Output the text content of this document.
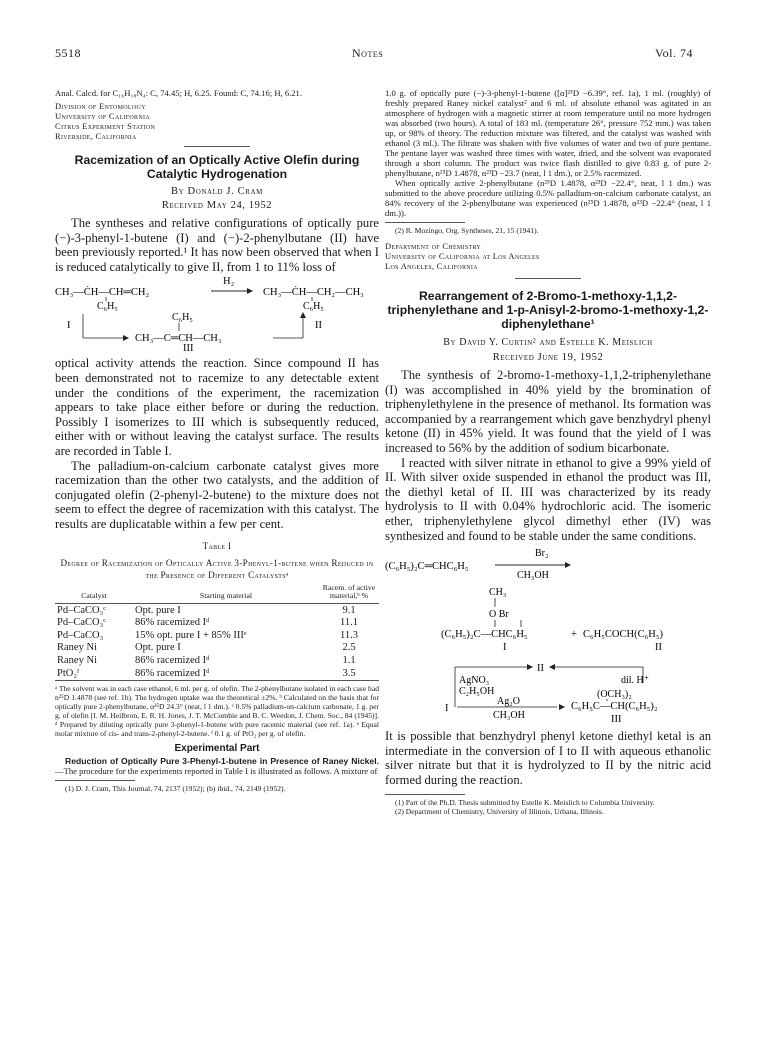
5518	Notes	Vol. 74

Anal. Calcd. for C₁₆H₁₈N₄: C, 74.45; H, 6.25. Found: C, 74.16; H, 6.21.

Division of Entomology
University of California
Citrus Experiment Station
Riverside, California
Racemization of an Optically Active Olefin during Catalytic Hydrogenation
By Donald J. Cram
Received May 24, 1952

The syntheses and relative configurations of optically pure (−)-3-phenyl-1-butene (I) and (−)-2-phenylbutane (II) have been previously reported.¹ It has now been observed that when I is reduced catalytically to give II, from 1 to 11% loss of

H₂
CH₃—ĊH—CH═CH₂
C₆H₅
CH₃—ĊH—CH₂—CH₃
C₆H₅
I
C₆H₅
CH₃—C═CH—CH₃
II
III

optical activity attends the reaction. Since compound II has been demonstrated not to racemize to any detectable extent under the conditions of the experiment, the racemization appears to take place either before or during the reduction. Possibly I isomerizes to III which is subsequently reduced, either with or without leaving the catalyst surface. The results are recorded in Table I.

The palladium-on-calcium carbonate catalyst gives more racemization than the other two catalysts, and the addition of conjugated olefin (2-phenyl-2-butene) to the mixture does not seem to effect the degree of racemization with this catalyst. The results are duplicatable within a few per cent.

Table I
Degree of Racemization of Optically Active 3-Phenyl-1-butene when Reduced in the Presence of Different Catalystsᵃ
Catalyst	Starting material	Racem. of active material,ᵇ %

Pd–CaCO₃ᶜ	Opt. pure I	9.1
Pd–CaCO₃ᶜ	86% racemized Iᵈ	11.1
Pd–CaCO₃	15% opt. pure I + 85% IIIᵉ	11.3
Raney Ni	Opt. pure I	2.5
Raney Ni	86% racemized Iᵈ	1.1
PtO₂ᶠ	86% racemized Iᵈ	3.5

ᵃ The solvent was in each case ethanol, 6 ml. per g. of olefin. The 2-phenylbutane isolated in each case had n²⁵D 1.4878 (see ref. 1b). The hydrogen uptake was the theoretical ±2%. ᵇ Calculated on the basis that for optically pure 2-phenylbutane, α²⁵D 24.3° (neat, l 1 dm.). ᶜ 0.5% palladium-on-calcium carbonate, 1 g. per g. of olefin [I. M. Heilbron, E. R. H. Jones, J. T. McCombie and B. C. Weedon, J. Chem. Soc., 84 (1945)]. ᵈ Prepared by diluting optically pure 3-phenyl-1-butene with pure racemic material (see ref. 1a). ᵉ Equal molar mixture of cis- and trans-2-phenyl-2-butene. ᶠ 0.1 g. of PtO₂ per g. of olefin.

Experimental Part

Reduction of Optically Pure 3-Phenyl-1-butene in Presence of Raney Nickel.—The procedure for the experiments reported in Table I is illustrated as follows. A mixture of

(1) D. J. Cram, This Journal, 74, 2137 (1952); (b) ibid., 74, 2149 (1952).

1.0 g. of optically pure (−)-3-phenyl-1-butene ([α]²⁵D −6.39°, ref. 1a), 1 ml. (roughly) of freshly prepared Raney nickel catalyst² and 6 ml. of absolute ethanol was agitated in an atmosphere of hydrogen with a magnetic stirrer at room temperature until no more hydrogen was absorbed (two hours). A total of 183 ml. (temperature 26°, pressure 752 mm.) was taken up, or 98% of theory. The reduction mixture was filtered, and the catalyst was washed with ethanol (3 ml.). The filtrate was shaken with five volumes of water and two of pure pentane. The pentane layer was washed three times with water, dried, and the solvent was evaporated through a short column. The product was twice flash distilled to give 0.83 g. of pure 2-phenylbutane, n²⁵D 1.4878, α²³D −23.7 (neat, l 1 dm.), or 2.5% racemized.

When optically active 2-phenylbutane (n²⁵D 1.4878, α²³D −22.4°, neat, l 1 dm.) was submitted to the above procedure utilizing 0.5% palladium-on-calcium carbonate catalyst, an 84% recovery of the 2-phenylbutane was experienced (n²⁵D 1.4878, α²³D −22.4° (neat, l 1 dm.)).

(2) R. Mozingo, Org. Syntheses, 21, 15 (1941).

Department of Chemistry
University of California at Los Angeles
Los Angeles, California
Rearrangement of 2-Bromo-1-methoxy-1,1,2-triphenylethane and 1-p-Anisyl-2-bromo-1-methoxy-1,2-diphenylethane¹
By David Y. Curtin² and Estelle K. Meislich
Received June 19, 1952

The synthesis of 2-bromo-1-methoxy-1,1,2-triphenylethane (I) was accomplished in 40% yield by the bromination of triphenylethylene in the presence of methanol. Its formation was accompanied by a rearrangement which gave benzhydryl phenyl ketone (II) in 45% yield. It was found that the yield of I was increased to 56% by the addition of sodium bicarbonate.

I reacted with silver nitrate in ethanol to give a 99% yield of II. With silver oxide suspended in ethanol the product was III, the diethyl ketal of II. III was characterized by its ready hydrolysis to II with 0.04% hydrochloric acid. The isomeric ether, triphenylethylene glycol dimethyl ether (IV) was synthesized and found to be stable under the same conditions.

Br₂
(C₆H₅)₂C═CHC₆H₅
CH₃OH
CH₃
O Br
(C₆H₅)₂C—CHC₆H₅	+ C₆H₅COCH(C₆H₅)
I	II
II
AgNO₃
C₂H₅OH
dil. H⁺
(OCH₃)₂
C₆H₅C—CH(C₆H₅)₂
I
Ag₂O
CH₃OH	III

It is possible that benzhydryl phenyl ketone diethyl ketal is an intermediate in the conversion of I to II with aqueous ethanolic silver nitrate but that it is hydrolyzed to II by the nitric acid formed during the reaction.

(1) Part of the Ph.D. Thesis submitted by Estelle K. Meislich to Columbia University.

(2) Department of Chemistry, University of Illinois, Urbana, Illinois.
